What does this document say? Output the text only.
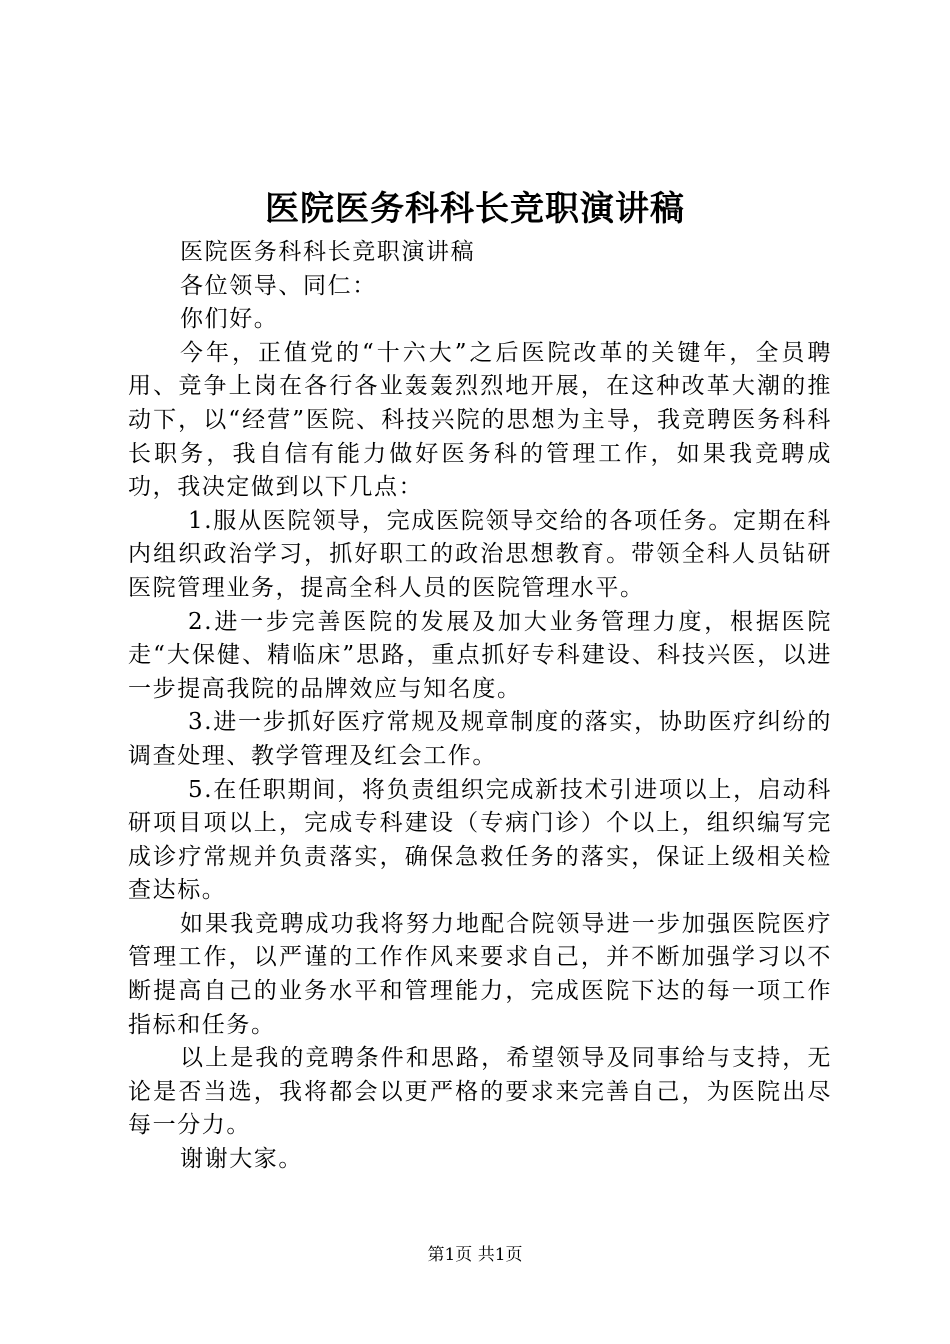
医院医务科科长竞职演讲稿

医院医务科科长竞职演讲稿

各位领导、同仁：

你们好。

今年，正值党的“十六大”之后医院改革的关键年，全员聘用、竞争上岗在各行各业轰轰烈烈地开展，在这种改革大潮的推动下，以“经营”医院、科技兴院的思想为主导，我竞聘医务科科长职务，我自信有能力做好医务科的管理工作，如果我竞聘成功，我决定做到以下几点：

1.服从医院领导，完成医院领导交给的各项任务。定期在科内组织政治学习，抓好职工的政治思想教育。带领全科人员钻研医院管理业务，提高全科人员的医院管理水平。

2.进一步完善医院的发展及加大业务管理力度，根据医院走“大保健、精临床”思路，重点抓好专科建设、科技兴医，以进一步提高我院的品牌效应与知名度。

3.进一步抓好医疗常规及规章制度的落实，协助医疗纠纷的调查处理、教学管理及红会工作。

5.在任职期间，将负责组织完成新技术引进项以上，启动科研项目项以上，完成专科建设（专病门诊）个以上，组织编写完成诊疗常规并负责落实，确保急救任务的落实，保证上级相关检查达标。

如果我竞聘成功我将努力地配合院领导进一步加强医院医疗管理工作，以严谨的工作作风来要求自己，并不断加强学习以不断提高自己的业务水平和管理能力，完成医院下达的每一项工作指标和任务。

以上是我的竞聘条件和思路，希望领导及同事给与支持，无论是否当选，我将都会以更严格的要求来完善自己，为医院出尽每一分力。

谢谢大家。

第1页 共1页
